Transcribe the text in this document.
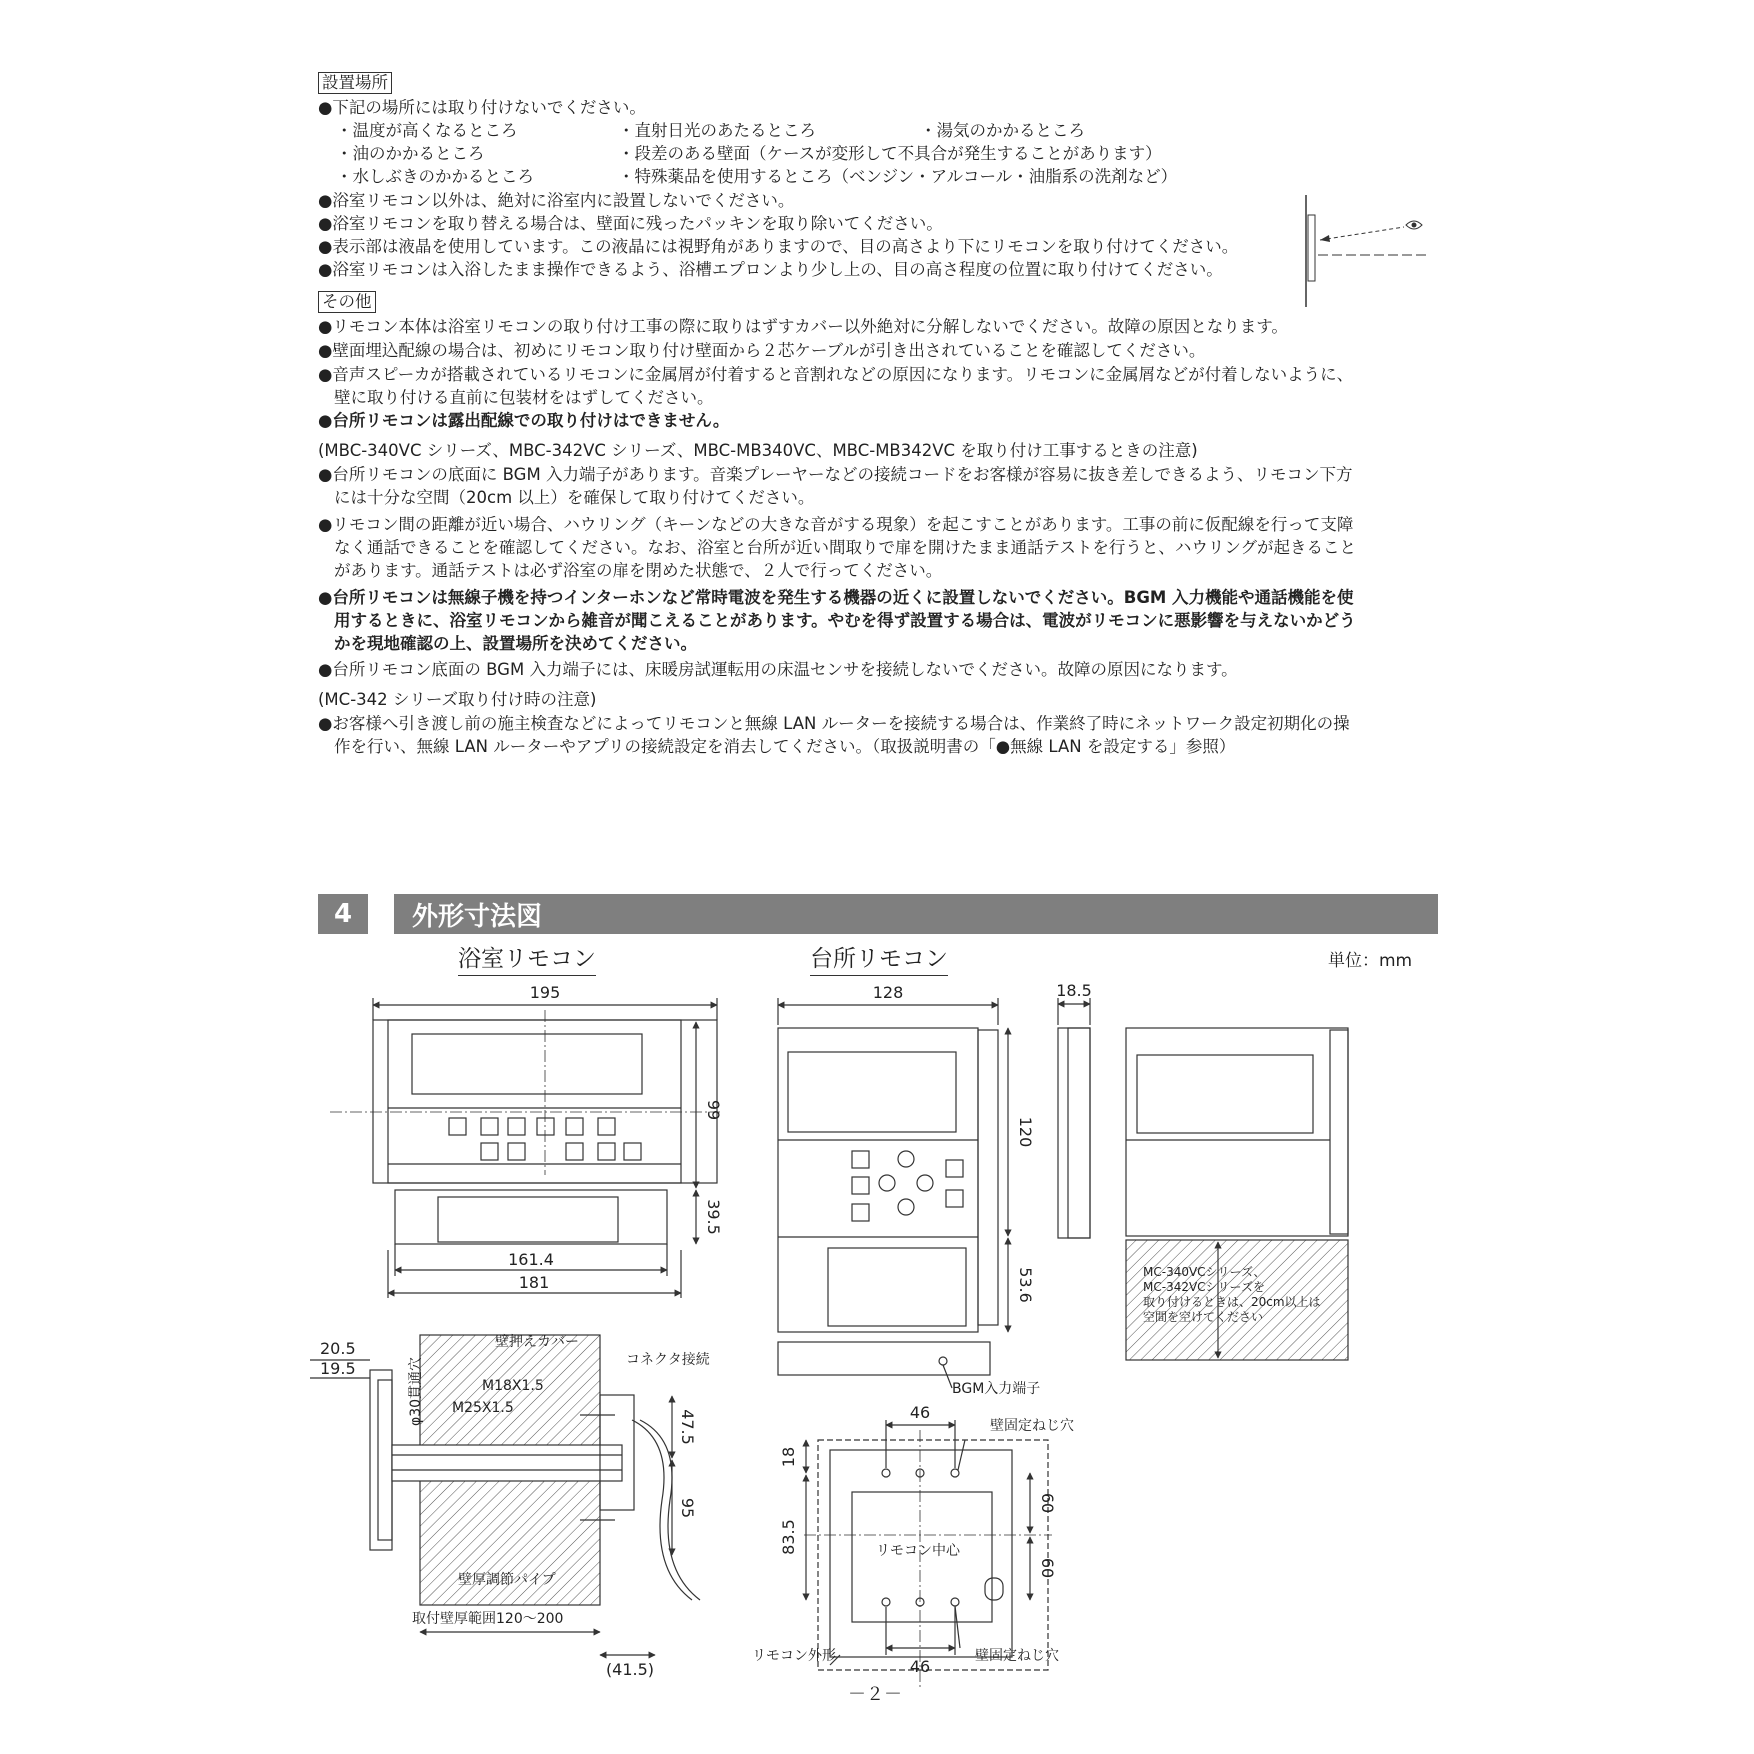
設置場所
●下記の場所には取り付けないでください。
・温度が高くなるところ	・直射日光のあたるところ	・湯気のかかるところ
・油のかかるところ	・段差のある壁面（ケースが変形して不具合が発生することがあります）
・水しぶきのかかるところ	・特殊薬品を使用するところ（ベンジン・アルコール・油脂系の洗剤など）
●浴室リモコン以外は、絶対に浴室内に設置しないでください。
●浴室リモコンを取り替える場合は、壁面に残ったパッキンを取り除いてください。
●表示部は液晶を使用しています。この液晶には視野角がありますので、目の高さより下にリモコンを取り付けてください。
●浴室リモコンは入浴したまま操作できるよう、浴槽エプロンより少し上の、目の高さ程度の位置に取り付けてください。
その他
●リモコン本体は浴室リモコンの取り付け工事の際に取りはずすカバー以外絶対に分解しないでください。故障の原因となります。
●壁面埋込配線の場合は、初めにリモコン取り付け壁面から２芯ケーブルが引き出されていることを確認してください。
●音声スピーカが搭載されているリモコンに金属屑が付着すると音割れなどの原因になります。リモコンに金属屑などが付着しないように、
壁に取り付ける直前に包装材をはずしてください。
●台所リモコンは露出配線での取り付けはできません。
(MBC-340VC シリーズ、MBC-342VC シリーズ、MBC-MB340VC、MBC-MB342VC を取り付け工事するときの注意)
●台所リモコンの底面に BGM 入力端子があります。音楽プレーヤーなどの接続コードをお客様が容易に抜き差しできるよう、リモコン下方
には十分な空間（20cm 以上）を確保して取り付けてください。
●リモコン間の距離が近い場合、ハウリング（キーンなどの大きな音がする現象）を起こすことがあります。工事の前に仮配線を行って支障
なく通話できることを確認してください。なお、浴室と台所が近い間取りで扉を開けたまま通話テストを行うと、ハウリングが起きること
があります。通話テストは必ず浴室の扉を閉めた状態で、２人で行ってください。
●台所リモコンは無線子機を持つインターホンなど常時電波を発生する機器の近くに設置しないでください。BGM 入力機能や通話機能を使
用するときに、浴室リモコンから雑音が聞こえることがあります。やむを得ず設置する場合は、電波がリモコンに悪影響を与えないかどう
かを現地確認の上、設置場所を決めてください。
●台所リモコン底面の BGM 入力端子には、床暖房試運転用の床温センサを接続しないでください。故障の原因になります。
(MC-342 シリーズ取り付け時の注意)
●お客様へ引き渡し前の施主検査などによってリモコンと無線 LAN ルーターを接続する場合は、作業終了時にネットワーク設定初期化の操
作を行い、無線 LAN ルーターやアプリの接続設定を消去してください。（取扱説明書の「●無線 LAN を設定する」参照）
4	外形寸法図
単位：mm
浴室リモコン	台所リモコン
195
99
39.5
161.4
181
128	18.5
120
53.6
20.5
19.5
47.5
95
(41.5)
46
46
18
83.5
60
60
壁押えカバー
コネクタ接続
M18X1.5
M25X1.5
φ30貫通穴
壁厚調節パイプ
取付壁厚範囲120～200
BGM入力端子
壁固定ねじ穴
壁固定ねじ穴
リモコン中心
リモコン外形
MC-340VCシリーズ、
MC-342VCシリーズを
取り付けるときは、20cm以上は
空間を空けてください
－２－
